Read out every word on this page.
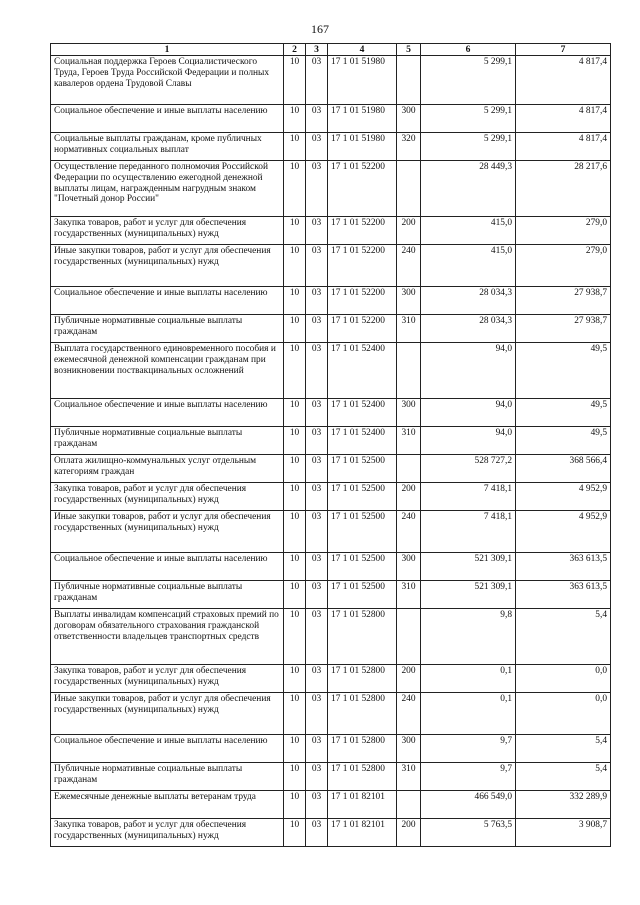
167
1	2	3	4	5	6	7
Социальная поддержка Героев Социалистического Труда, Героев Труда Российской Федерации и полных кавалеров ордена Трудовой Славы	10	03	17 1 01 51980		5 299,1	4 817,4
Социальное обеспечение и иные выплаты населению	10	03	17 1 01 51980	300	5 299,1	4 817,4
Социальные выплаты гражданам, кроме публичных нормативных социальных выплат	10	03	17 1 01 51980	320	5 299,1	4 817,4
Осуществление переданного полномочия Российской Федерации по осуществлению ежегодной денежной выплаты лицам, награжденным нагрудным знаком "Почетный донор России"	10	03	17 1 01 52200		28 449,3	28 217,6
Закупка товаров, работ и услуг для обеспечения государственных (муниципальных) нужд	10	03	17 1 01 52200	200	415,0	279,0
Иные закупки товаров, работ и услуг для обеспечения государственных (муниципальных) нужд	10	03	17 1 01 52200	240	415,0	279,0
Социальное обеспечение и иные выплаты населению	10	03	17 1 01 52200	300	28 034,3	27 938,7
Публичные нормативные социальные выплаты гражданам	10	03	17 1 01 52200	310	28 034,3	27 938,7
Выплата государственного единовременного пособия и ежемесячной денежной компенсации гражданам при возникновении поствакцинальных осложнений	10	03	17 1 01 52400		94,0	49,5
Социальное обеспечение и иные выплаты населению	10	03	17 1 01 52400	300	94,0	49,5
Публичные нормативные социальные выплаты гражданам	10	03	17 1 01 52400	310	94,0	49,5
Оплата жилищно-коммунальных услуг отдельным категориям граждан	10	03	17 1 01 52500		528 727,2	368 566,4
Закупка товаров, работ и услуг для обеспечения государственных (муниципальных) нужд	10	03	17 1 01 52500	200	7 418,1	4 952,9
Иные закупки товаров, работ и услуг для обеспечения государственных (муниципальных) нужд	10	03	17 1 01 52500	240	7 418,1	4 952,9
Социальное обеспечение и иные выплаты населению	10	03	17 1 01 52500	300	521 309,1	363 613,5
Публичные нормативные социальные выплаты гражданам	10	03	17 1 01 52500	310	521 309,1	363 613,5
Выплаты инвалидам компенсаций страховых премий по договорам обязательного страхования гражданской ответственности владельцев транспортных средств	10	03	17 1 01 52800		9,8	5,4
Закупка товаров, работ и услуг для обеспечения государственных (муниципальных) нужд	10	03	17 1 01 52800	200	0,1	0,0
Иные закупки товаров, работ и услуг для обеспечения государственных (муниципальных) нужд	10	03	17 1 01 52800	240	0,1	0,0
Социальное обеспечение и иные выплаты населению	10	03	17 1 01 52800	300	9,7	5,4
Публичные нормативные социальные выплаты гражданам	10	03	17 1 01 52800	310	9,7	5,4
Ежемесячные денежные выплаты ветеранам труда	10	03	17 1 01 82101		466 549,0	332 289,9
Закупка товаров, работ и услуг для обеспечения государственных (муниципальных) нужд	10	03	17 1 01 82101	200	5 763,5	3 908,7
